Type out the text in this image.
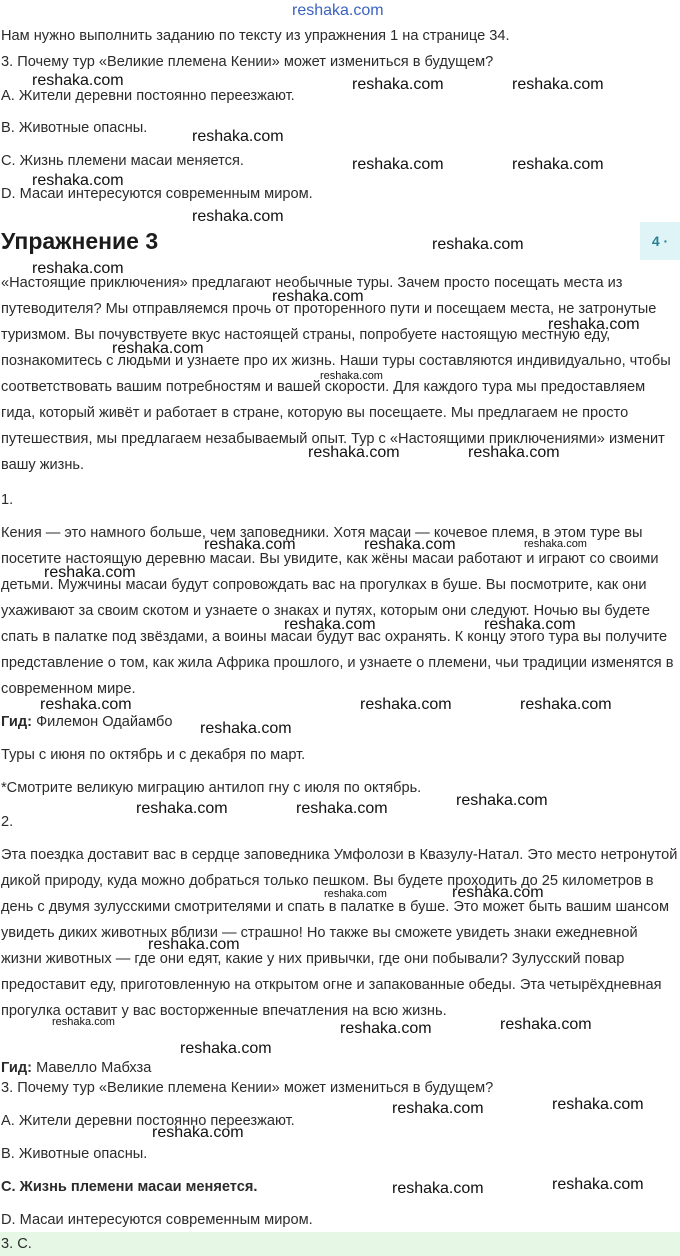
reshaka.com
Нам нужно выполнить заданию по тексту из упражнения 1 на странице 34.
3. Почему тур «Великие племена Кении» может измениться в будущем?
A. Жители деревни постоянно переезжают.
B. Животные опасны.
C. Жизнь племени масаи меняется.
D. Масаи интересуются современным миром.
Упражнение 3	4 ·

«Настоящие приключения» предлагают необычные туры. Зачем просто посещать места из путеводителя? Мы отправляемся прочь от проторенного пути и посещаем места, не затронутые туризмом. Вы почувствуете вкус настоящей страны, попробуете настоящую местную еду, познакомитесь с людьми и узнаете про их жизнь. Наши туры составляются индивидуально, чтобы соответствовать вашим потребностям и вашей скорости. Для каждого тура мы предоставляем гида, который живёт и работает в стране, которую вы посещаете. Мы предлагаем не просто путешествия, мы предлагаем незабываемый опыт. Тур с «Настоящими приключениями» изменит вашу жизнь.

1.

Кения — это намного больше, чем заповедники. Хотя масаи — кочевое племя, в этом туре вы посетите настоящую деревню масаи. Вы увидите, как жёны масаи работают и играют со своими детьми. Мужчины масаи будут сопровождать вас на прогулках в буше. Вы посмотрите, как они ухаживают за своим скотом и узнаете о знаках и путях, которым они следуют. Ночью вы будете спать в палатке под звёздами, а воины масаи будут вас охранять. К концу этого тура вы получите представление о том, как жила Африка прошлого, и узнаете о племени, чьи традиции изменятся в современном мире.

Гид: Филемон Одайамбо
Туры с июня по октябрь и с декабря по март.
*Смотрите великую миграцию антилоп гну с июля по октябрь.
2.

Эта поездка доставит вас в сердце заповедника Умфолози в Квазулу-Натал. Это место нетронутой дикой природу, куда можно добраться только пешком. Вы будете проходить до 25 километров в день с двумя зулусскими смотрителями и спать в палатке в буше. Это может быть вашим шансом увидеть диких животных вблизи — страшно! Но также вы сможете увидеть знаки ежедневной жизни животных — где они едят, какие у них привычки, где они побывали? Зулусский повар предоставит еду, приготовленную на открытом огне и запакованные обеды. Эта четырёхдневная прогулка оставит у вас восторженные впечатления на всю жизнь.

Гид: Мавелло Мабхза
3. Почему тур «Великие племена Кении» может измениться в будущем?
A. Жители деревни постоянно переезжают.
B. Животные опасны.
C. Жизнь племени масаи меняется.
D. Масаи интересуются современным миром.
3. C.
reshaka.com	reshaka.com	reshaka.com
reshaka.com
reshaka.com	reshaka.com
reshaka.com
reshaka.com
reshaka.com
reshaka.com
reshaka.com
reshaka.com
reshaka.com
reshaka.com
reshaka.com	reshaka.com
reshaka.com	reshaka.com	reshaka.com
reshaka.com
reshaka.com	reshaka.com
reshaka.com	reshaka.com	reshaka.com
reshaka.com
reshaka.com
reshaka.com	reshaka.com
reshaka.com	reshaka.com
reshaka.com
reshaka.com	reshaka.com	reshaka.com
reshaka.com
reshaka.com	reshaka.com
reshaka.com
reshaka.com	reshaka.com
